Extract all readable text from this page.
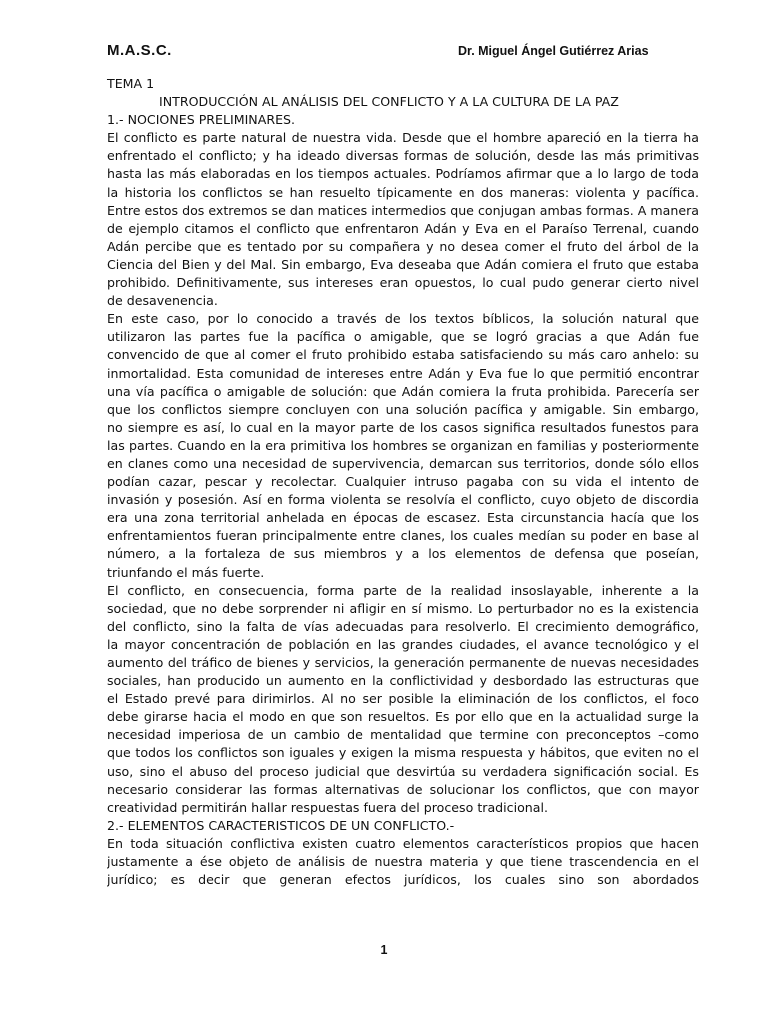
M.A.S.C.	Dr. Miguel Ángel Gutiérrez Arias
TEMA 1
INTRODUCCIÓN AL ANÁLISIS DEL CONFLICTO Y A LA CULTURA DE LA PAZ
1.- NOCIONES PRELIMINARES.
El conflicto es parte natural de nuestra vida. Desde que el hombre apareció en la tierra ha
enfrentado el conflicto; y ha ideado diversas formas de solución, desde las más primitivas
hasta las más elaboradas en los tiempos actuales. Podríamos afirmar que a lo largo de toda
la historia los conflictos se han resuelto típicamente en dos maneras: violenta y pacífica.
Entre estos dos extremos se dan matices intermedios que conjugan ambas formas. A manera
de ejemplo citamos el conflicto que enfrentaron Adán y Eva en el Paraíso Terrenal, cuando
Adán percibe que es tentado por su compañera y no desea comer el fruto del árbol de la
Ciencia del Bien y del Mal. Sin embargo, Eva deseaba que Adán comiera el fruto que estaba
prohibido. Definitivamente, sus intereses eran opuestos, lo cual pudo generar cierto nivel
de desavenencia.
En este caso, por lo conocido a través de los textos bíblicos, la solución natural que
utilizaron las partes fue la pacífica o amigable, que se logró gracias a que Adán fue
convencido de que al comer el fruto prohibido estaba satisfaciendo su más caro anhelo: su
inmortalidad. Esta comunidad de intereses entre Adán y Eva fue lo que permitió encontrar
una vía pacífica o amigable de solución: que Adán comiera la fruta prohibida. Parecería ser
que los conflictos siempre concluyen con una solución pacífica y amigable. Sin embargo,
no siempre es así, lo cual en la mayor parte de los casos significa resultados funestos para
las partes. Cuando en la era primitiva los hombres se organizan en familias y posteriormente
en clanes como una necesidad de supervivencia, demarcan sus territorios, donde sólo ellos
podían cazar, pescar y recolectar. Cualquier intruso pagaba con su vida el intento de
invasión y posesión. Así en forma violenta se resolvía el conflicto, cuyo objeto de discordia
era una zona territorial anhelada en épocas de escasez. Esta circunstancia hacía que los
enfrentamientos fueran principalmente entre clanes, los cuales medían su poder en base al
número, a la fortaleza de sus miembros y a los elementos de defensa que poseían,
triunfando el más fuerte.
El conflicto, en consecuencia, forma parte de la realidad insoslayable, inherente a la
sociedad, que no debe sorprender ni afligir en sí mismo. Lo perturbador no es la existencia
del conflicto, sino la falta de vías adecuadas para resolverlo. El crecimiento demográfico,
la mayor concentración de población en las grandes ciudades, el avance tecnológico y el
aumento del tráfico de bienes y servicios, la generación permanente de nuevas necesidades
sociales, han producido un aumento en la conflictividad y desbordado las estructuras que
el Estado prevé para dirimirlos. Al no ser posible la eliminación de los conflictos, el foco
debe girarse hacia el modo en que son resueltos. Es por ello que en la actualidad surge la
necesidad imperiosa de un cambio de mentalidad que termine con preconceptos –como
que todos los conflictos son iguales y exigen la misma respuesta y hábitos, que eviten no el
uso, sino el abuso del proceso judicial que desvirtúa su verdadera significación social. Es
necesario considerar las formas alternativas de solucionar los conflictos, que con mayor
creatividad permitirán hallar respuestas fuera del proceso tradicional.
2.- ELEMENTOS CARACTERISTICOS DE UN CONFLICTO.-
En toda situación conflictiva existen cuatro elementos característicos propios que hacen
justamente a ése objeto de análisis de nuestra materia y que tiene trascendencia en el
jurídico; es decir que generan efectos jurídicos, los cuales sino son abordados
1
